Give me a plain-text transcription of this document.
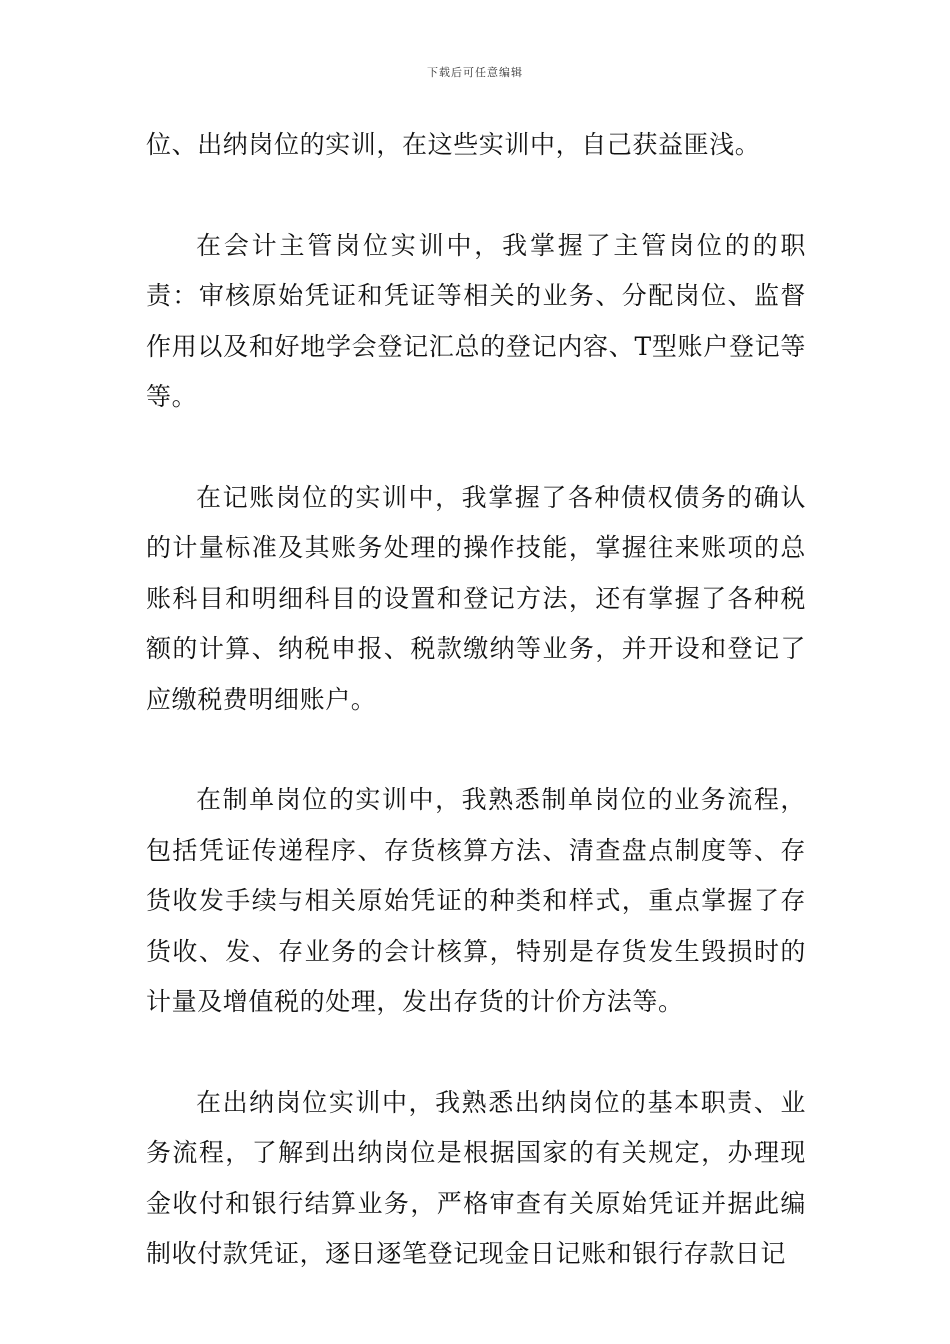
下载后可任意编辑

位、出纳岗位的实训，在这些实训中，自己获益匪浅。

在会计主管岗位实训中，我掌握了主管岗位的的职责：审核原始凭证和凭证等相关的业务、分配岗位、监督作用以及和好地学会登记汇总的登记内容、T型账户登记等等。

在记账岗位的实训中，我掌握了各种债权债务的确认的计量标准及其账务处理的操作技能，掌握往来账项的总账科目和明细科目的设置和登记方法，还有掌握了各种税额的计算、纳税申报、税款缴纳等业务，并开设和登记了应缴税费明细账户。

在制单岗位的实训中，我熟悉制单岗位的业务流程，包括凭证传递程序、存货核算方法、清查盘点制度等、存货收发手续与相关原始凭证的种类和样式，重点掌握了存货收、发、存业务的会计核算，特别是存货发生毁损时的计量及增值税的处理，发出存货的计价方法等。

在出纳岗位实训中，我熟悉出纳岗位的基本职责、业务流程，了解到出纳岗位是根据国家的有关规定，办理现金收付和银行结算业务，严格审查有关原始凭证并据此编制收付款凭证，逐日逐笔登记现金日记账和银行存款日记
